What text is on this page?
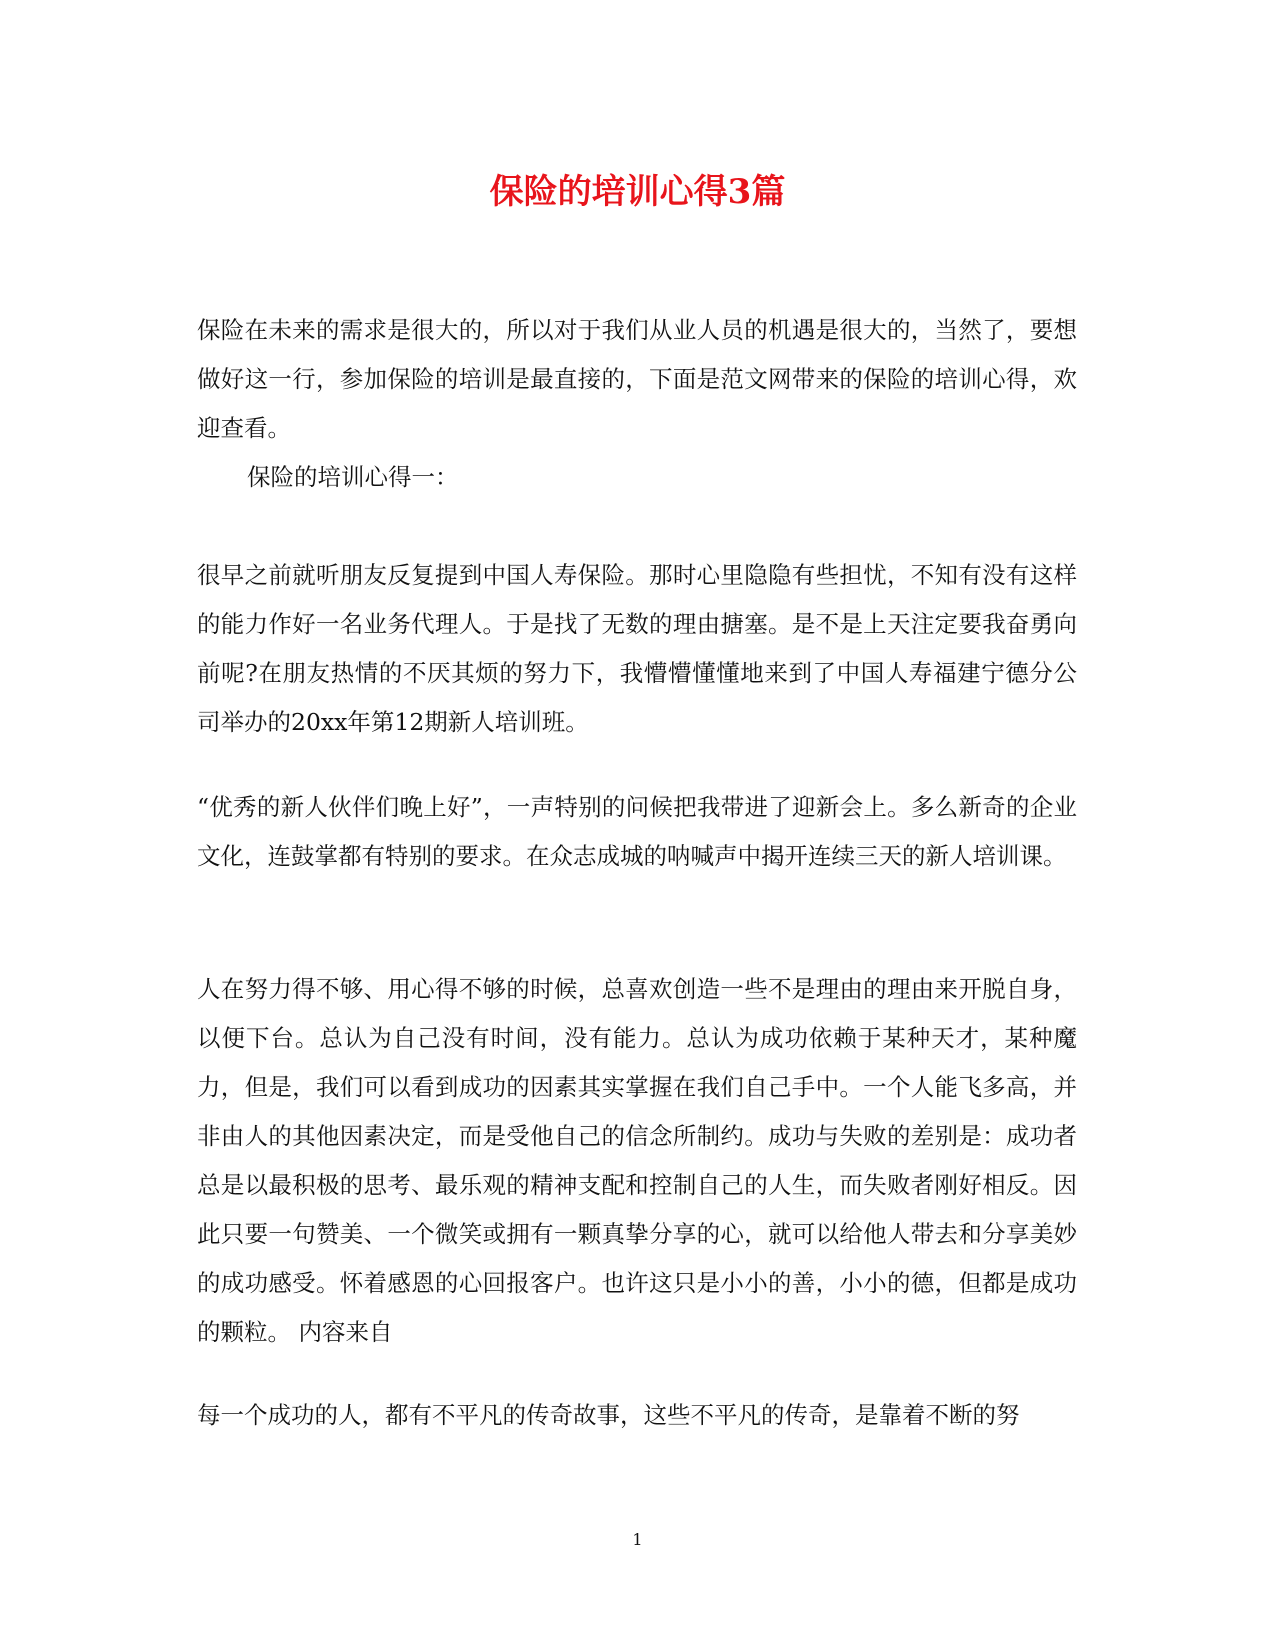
保险的培训心得3篇

保险在未来的需求是很大的，所以对于我们从业人员的机遇是很大的，当然了，要想做好这一行，参加保险的培训是最直接的，下面是范文网带来的保险的培训心得，欢迎查看。

保险的培训心得一：

很早之前就听朋友反复提到中国人寿保险。那时心里隐隐有些担忧，不知有没有这样的能力作好一名业务代理人。于是找了无数的理由搪塞。是不是上天注定要我奋勇向前呢?在朋友热情的不厌其烦的努力下，我懵懵懂懂地来到了中国人寿福建宁德分公司举办的20xx年第12期新人培训班。

“优秀的新人伙伴们晚上好”，一声特别的问候把我带进了迎新会上。多么新奇的企业文化，连鼓掌都有特别的要求。在众志成城的呐喊声中揭开连续三天的新人培训课。

人在努力得不够、用心得不够的时候，总喜欢创造一些不是理由的理由来开脱自身，以便下台。总认为自己没有时间，没有能力。总认为成功依赖于某种天才，某种魔力，但是，我们可以看到成功的因素其实掌握在我们自己手中。一个人能飞多高，并非由人的其他因素决定，而是受他自己的信念所制约。成功与失败的差别是：成功者总是以最积极的思考、最乐观的精神支配和控制自己的人生，而失败者刚好相反。因此只要一句赞美、一个微笑或拥有一颗真挚分享的心，就可以给他人带去和分享美妙的成功感受。怀着感恩的心回报客户。也许这只是小小的善，小小的德，但都是成功的颗粒。 内容来自

每一个成功的人，都有不平凡的传奇故事，这些不平凡的传奇，是靠着不断的努

1
